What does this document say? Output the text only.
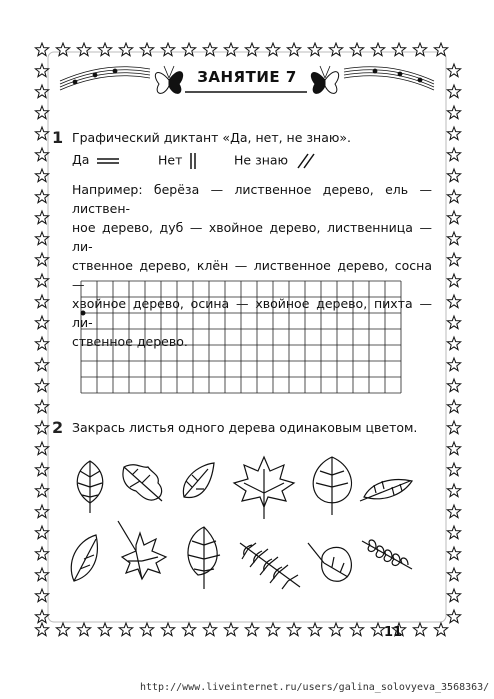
ЗАНЯТИЕ 7
1 Графический диктант «Да, нет, не знаю».
Да	Нет	Не знаю
Например: берёза — лиственное дерево, ель — листвен-
ное дерево, дуб — хвойное дерево, лиственница — ли-
ственное дерево, клён — лиственное дерево, сосна —
хвойное дерево, осина — хвойное дерево, пихта — ли-
ственное дерево.
2 Закрась листья одного дерева одинаковым цветом.
11
http://www.liveinternet.ru/users/galina_solovyeva_3568363/
